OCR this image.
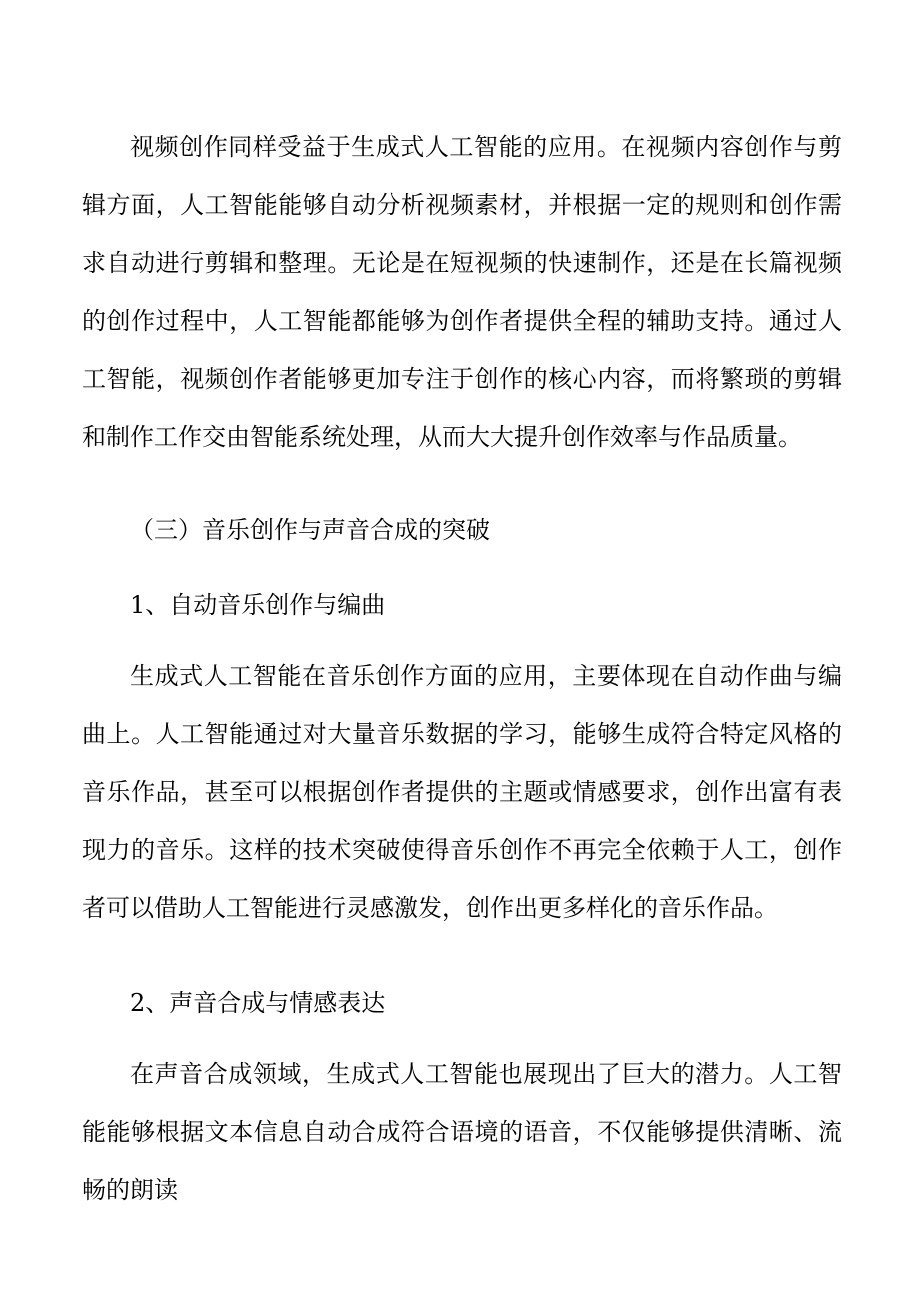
视频创作同样受益于生成式人工智能的应用。在视频内容创作与剪辑方面，人工智能能够自动分析视频素材，并根据一定的规则和创作需求自动进行剪辑和整理。无论是在短视频的快速制作，还是在长篇视频的创作过程中，人工智能都能够为创作者提供全程的辅助支持。通过人工智能，视频创作者能够更加专注于创作的核心内容，而将繁琐的剪辑和制作工作交由智能系统处理，从而大大提升创作效率与作品质量。

（三）音乐创作与声音合成的突破

1、自动音乐创作与编曲

生成式人工智能在音乐创作方面的应用，主要体现在自动作曲与编曲上。人工智能通过对大量音乐数据的学习，能够生成符合特定风格的音乐作品，甚至可以根据创作者提供的主题或情感要求，创作出富有表现力的音乐。这样的技术突破使得音乐创作不再完全依赖于人工，创作者可以借助人工智能进行灵感激发，创作出更多样化的音乐作品。

2、声音合成与情感表达

在声音合成领域，生成式人工智能也展现出了巨大的潜力。人工智能能够根据文本信息自动合成符合语境的语音，不仅能够提供清晰、流畅的朗读
